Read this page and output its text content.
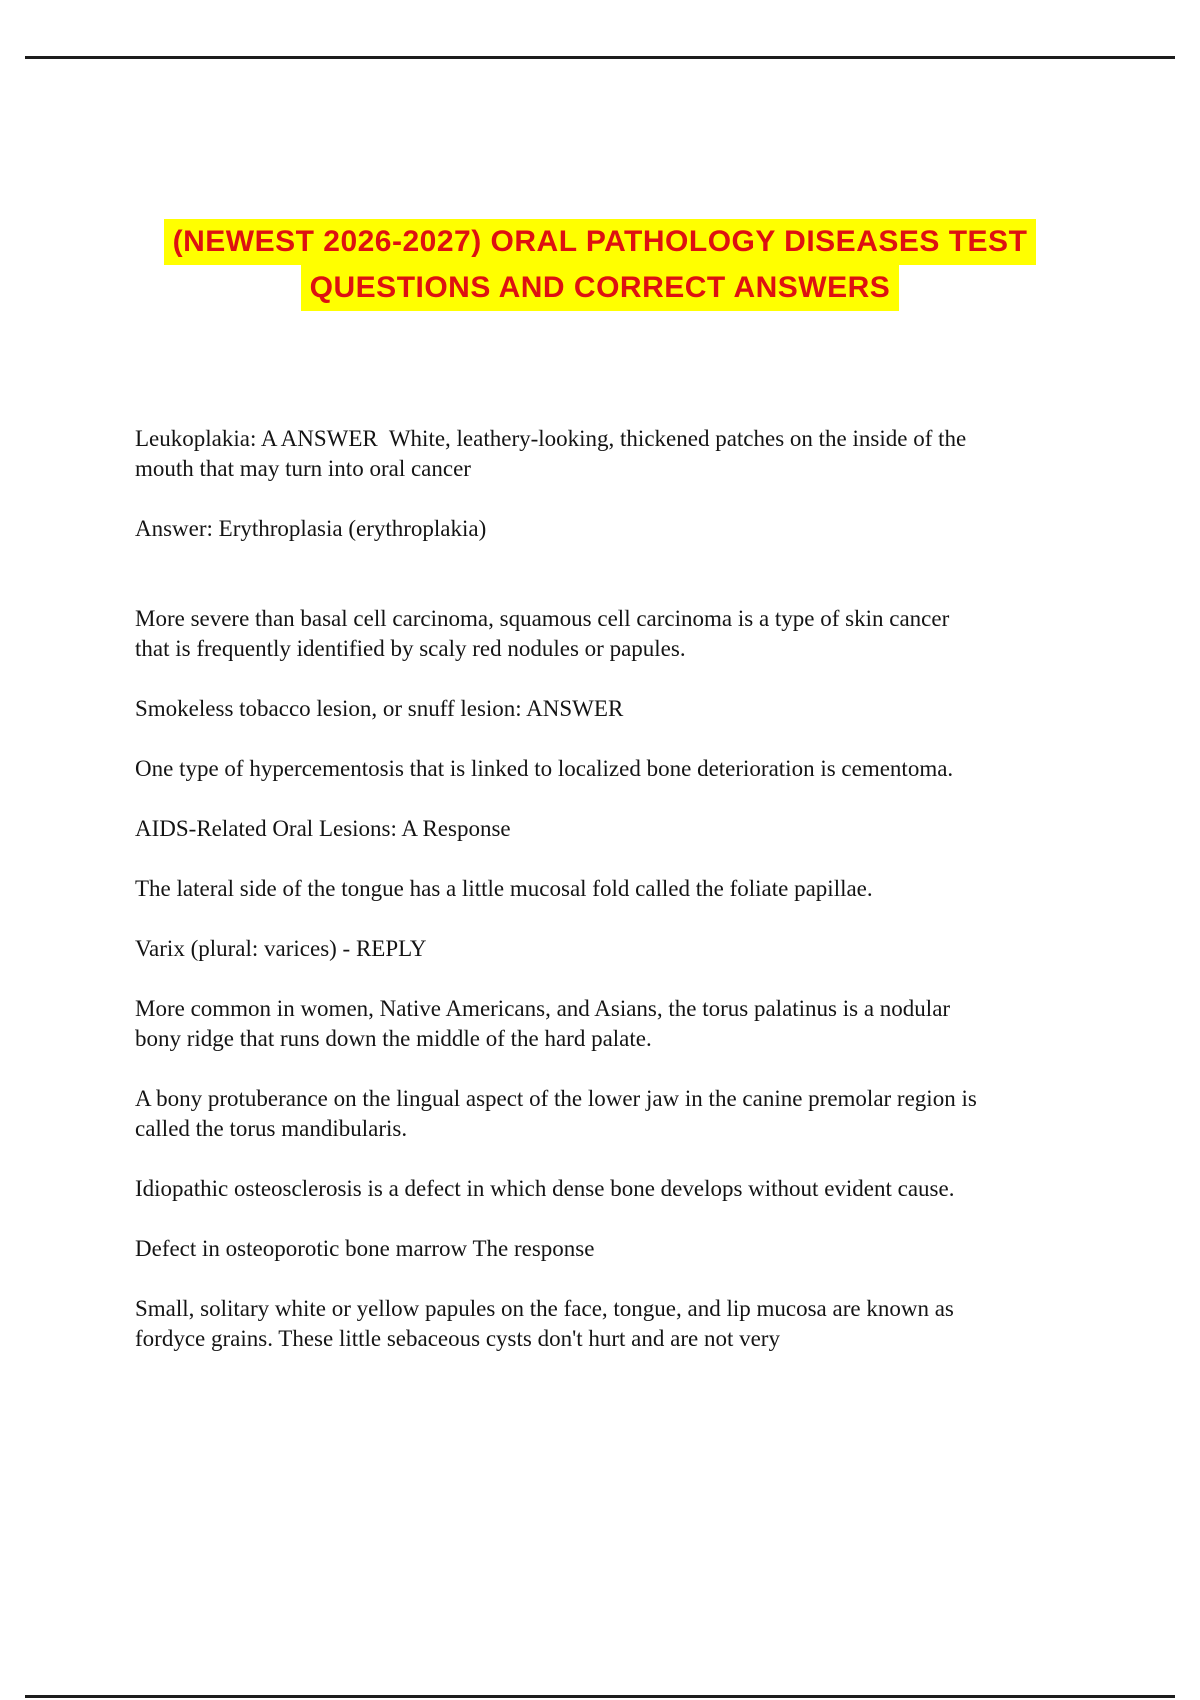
(NEWEST 2026-2027) ORAL PATHOLOGY DISEASES TEST
QUESTIONS AND CORRECT ANSWERS

Leukoplakia: A ANSWER  White, leathery-looking, thickened patches on the inside of the mouth that may turn into oral cancer

Answer: Erythroplasia (erythroplakia)

More severe than basal cell carcinoma, squamous cell carcinoma is a type of skin cancer that is frequently identified by scaly red nodules or papules.

Smokeless tobacco lesion, or snuff lesion: ANSWER

One type of hypercementosis that is linked to localized bone deterioration is cementoma.

AIDS-Related Oral Lesions: A Response

The lateral side of the tongue has a little mucosal fold called the foliate papillae.

Varix (plural: varices) - REPLY

More common in women, Native Americans, and Asians, the torus palatinus is a nodular bony ridge that runs down the middle of the hard palate.

A bony protuberance on the lingual aspect of the lower jaw in the canine premolar region is called the torus mandibularis.

Idiopathic osteosclerosis is a defect in which dense bone develops without evident cause.

Defect in osteoporotic bone marrow The response

Small, solitary white or yellow papules on the face, tongue, and lip mucosa are known as fordyce grains. These little sebaceous cysts don't hurt and are not very
